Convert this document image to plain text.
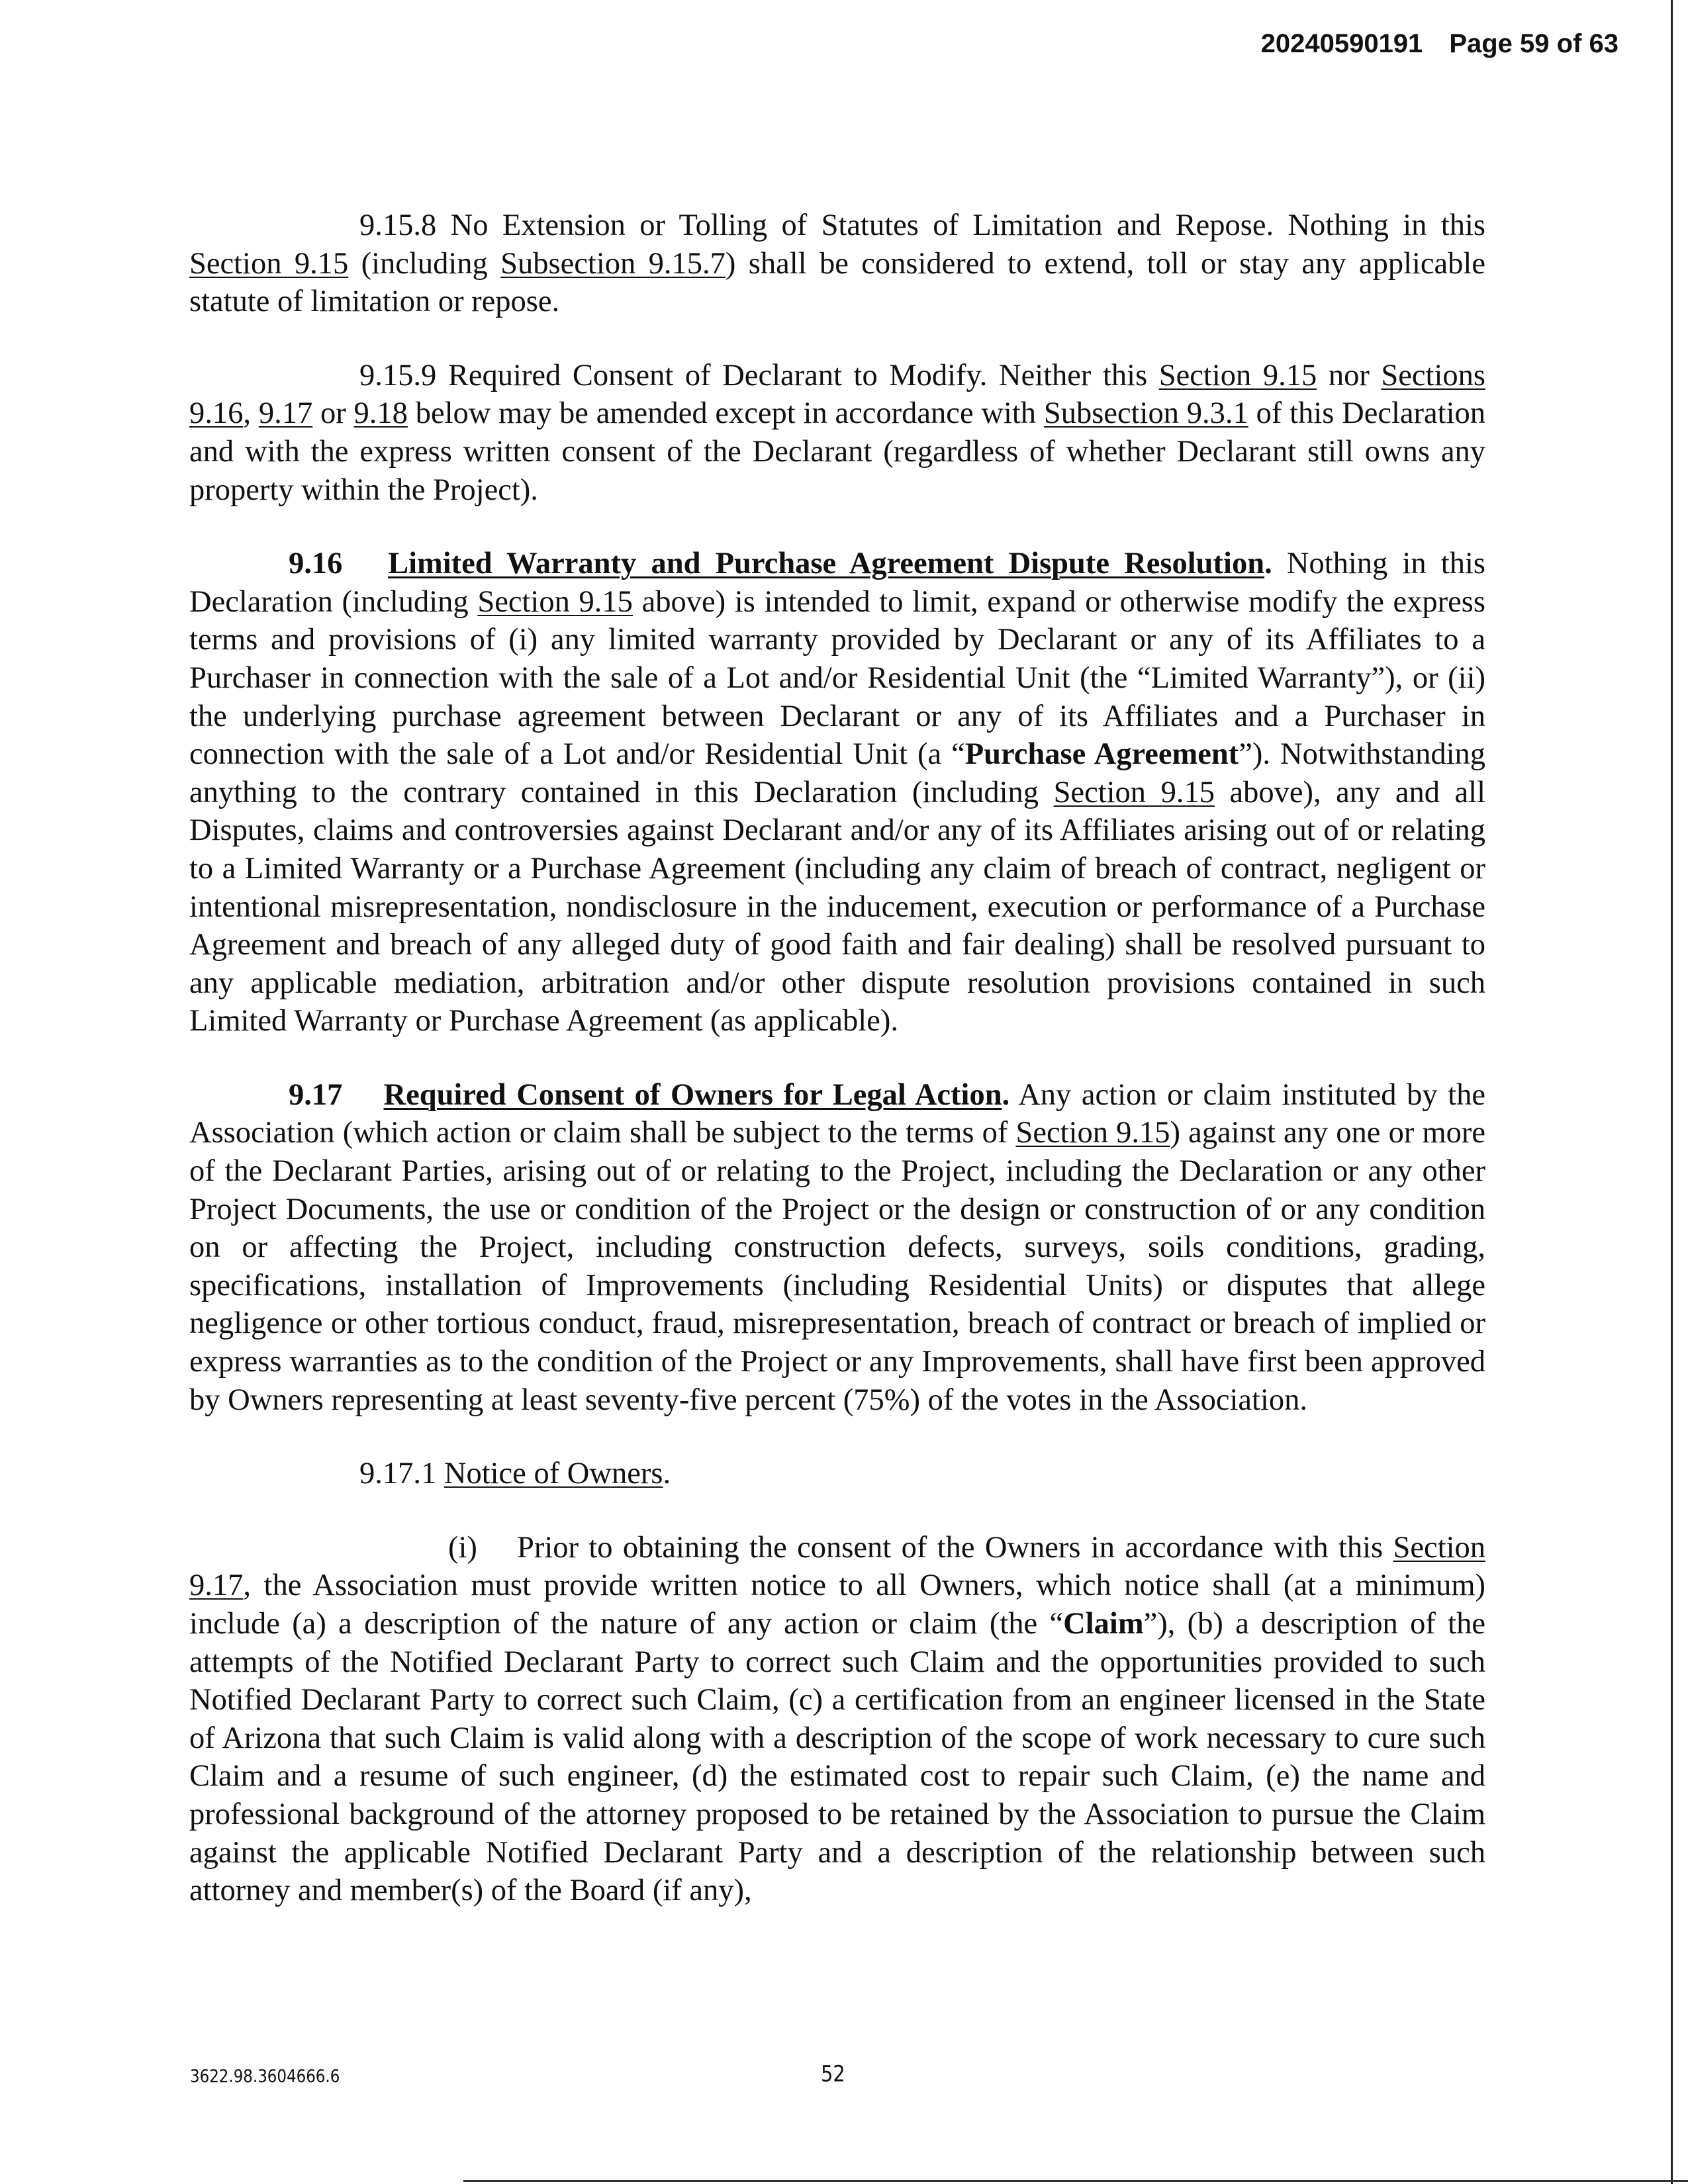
20240590191 Page 59 of 63

9.15.8 No Extension or Tolling of Statutes of Limitation and Repose. Nothing in this Section 9.15 (including Subsection 9.15.7) shall be considered to extend, toll or stay any applicable statute of limitation or repose.

9.15.9 Required Consent of Declarant to Modify. Neither this Section 9.15 nor Sections 9.16, 9.17 or 9.18 below may be amended except in accordance with Subsection 9.3.1 of this Declaration and with the express written consent of the Declarant (regardless of whether Declarant still owns any property within the Project).

9.16  Limited Warranty and Purchase Agreement Dispute Resolution. Nothing in this Declaration (including Section 9.15 above) is intended to limit, expand or otherwise modify the express terms and provisions of (i) any limited warranty provided by Declarant or any of its Affiliates to a Purchaser in connection with the sale of a Lot and/or Residential Unit (the “Limited Warranty”), or (ii) the underlying purchase agreement between Declarant or any of its Affiliates and a Purchaser in connection with the sale of a Lot and/or Residential Unit (a “Purchase Agreement”). Notwithstanding anything to the contrary contained in this Declaration (including Section 9.15 above), any and all Disputes, claims and controversies against Declarant and/or any of its Affiliates arising out of or relating to a Limited Warranty or a Purchase Agreement (including any claim of breach of contract, negligent or intentional misrepresentation, nondisclosure in the inducement, execution or performance of a Purchase Agreement and breach of any alleged duty of good faith and fair dealing) shall be resolved pursuant to any applicable mediation, arbitration and/or other dispute resolution provisions contained in such Limited Warranty or Purchase Agreement (as applicable).

9.17  Required Consent of Owners for Legal Action. Any action or claim instituted by the Association (which action or claim shall be subject to the terms of Section 9.15) against any one or more of the Declarant Parties, arising out of or relating to the Project, including the Declaration or any other Project Documents, the use or condition of the Project or the design or construction of or any condition on or affecting the Project, including construction defects, surveys, soils conditions, grading, specifications, installation of Improvements (including Residential Units) or disputes that allege negligence or other tortious conduct, fraud, misrepresentation, breach of contract or breach of implied or express warranties as to the condition of the Project or any Improvements, shall have first been approved by Owners representing at least seventy-five percent (75%) of the votes in the Association.

9.17.1 Notice of Owners.

(i) Prior to obtaining the consent of the Owners in accordance with this Section 9.17, the Association must provide written notice to all Owners, which notice shall (at a minimum) include (a) a description of the nature of any action or claim (the “Claim”), (b) a description of the attempts of the Notified Declarant Party to correct such Claim and the opportunities provided to such Notified Declarant Party to correct such Claim, (c) a certification from an engineer licensed in the State of Arizona that such Claim is valid along with a description of the scope of work necessary to cure such Claim and a resume of such engineer, (d) the estimated cost to repair such Claim, (e) the name and professional background of the attorney proposed to be retained by the Association to pursue the Claim against the applicable Notified Declarant Party and a description of the relationship between such attorney and member(s) of the Board (if any),

3622.98.3604666.6	52
